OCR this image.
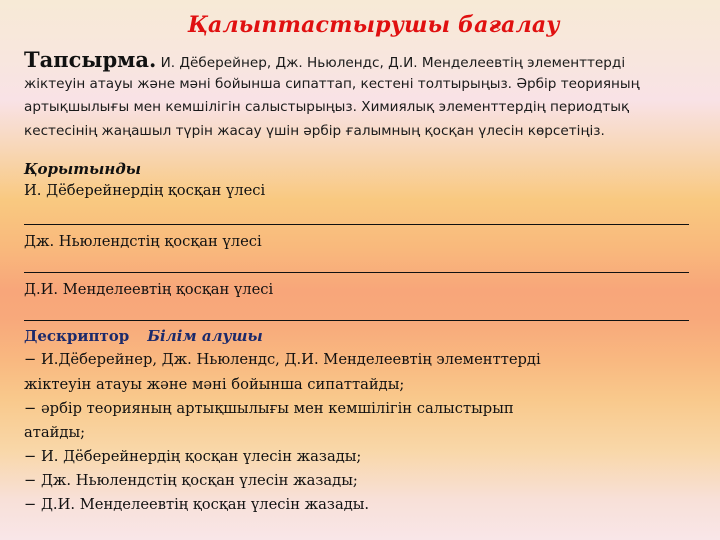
Қалыптастырушы бағалау
Тапсырма. И. Дёберейнер, Дж. Ньюлендс, Д.И. Менделеевтің элементтерді
жіктеуін атауы және мәні бойынша сипаттап, кестені толтырыңыз. Әрбір теорияның
артықшылығы мен кемшілігін салыстырыңыз. Химиялық элементтердің периодтық
кестесінің жаңашыл түрін жасау үшін әрбір ғалымның қосқан үлесін көрсетіңіз.
Қорытынды
И. Дёберейнердің қосқан үлесі
Дж. Ньюлендстің қосқан үлесі
Д.И. Менделеевтің қосқан үлесі
Дескриптор Білім алушы
− И.Дёберейнер, Дж. Ньюлендс, Д.И. Менделеевтің элементтерді
жіктеуін атауы және мәні бойынша сипаттайды;
− әрбір теорияның артықшылығы мен кемшілігін салыстырып
атайды;
− И. Дёберейнердің қосқан үлесін жазады;
− Дж. Ньюлендстің қосқан үлесін жазады;
− Д.И. Менделеевтің қосқан үлесін жазады.
